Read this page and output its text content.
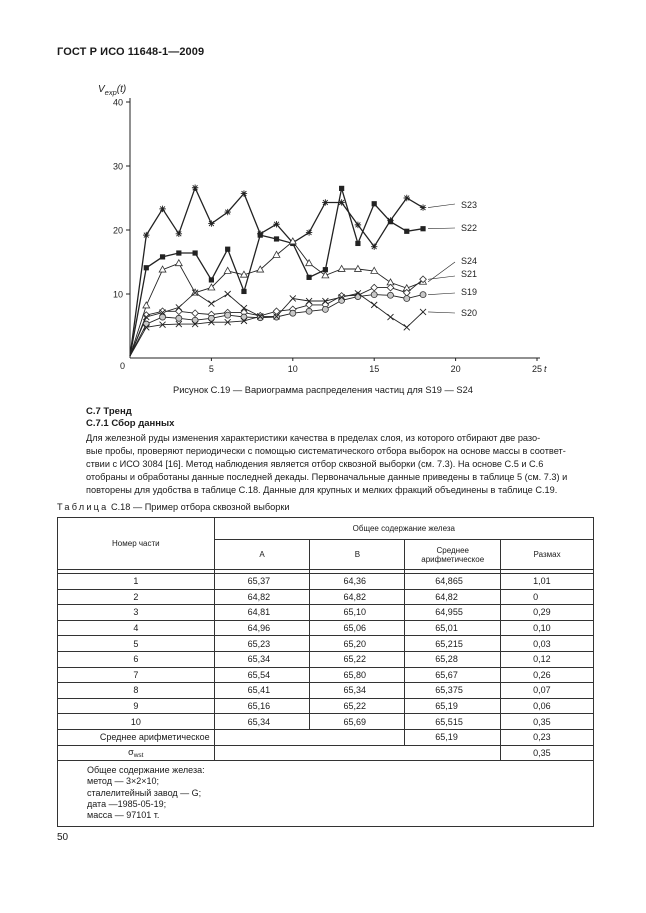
ГОСТ Р ИСО 11648-1—2009
$V_{exp}(t)$
0
10
20
30
40
5	10	15	20	25 t
S23
S22
S24
S21
S19
S20
Рисунок С.19 — Вариограмма распределения частиц для S19 — S24
С.7 Тренд
С.7.1 Сбор данных
Для железной руды изменения характеристики качества в пределах слоя, из которого отбирают две разо-
вые пробы, проверяют периодически с помощью систематического отбора выборок на основе массы в соответ-
ствии с ИСО 3084 [16]. Метод наблюдения является отбор сквозной выборки (см. 7.3). На основе С.5 и С.6
отобраны и обработаны данные последней декады. Первоначальные данные приведены в таблице 5 (см. 7.3) и
повторены для удобства в таблице С.18. Данные для крупных и мелких фракций объединены в таблице С.19.
Таблица С.18 — Пример отбора сквозной выборки
Номер части	Общее содержание железа			
	А	В	Среднее
арифметическое	Размах

1	65,37	64,36	64,865	1,01
2	64,82	64,82	64,82	0
3	64,81	65,10	64,955	0,29
4	64,96	65,06	65,01	0,10
5	65,23	65,20	65,215	0,03
6	65,34	65,22	65,28	0,12
7	65,54	65,80	65,67	0,26
8	65,41	65,34	65,375	0,07
9	65,16	65,22	65,19	0,06
10	65,34	65,69	65,515	0,35
Среднее арифметическое			65,19	0,23
$\sigma_{wst}$				0,35

Общее содержание железа:
метод — 3×2×10;
сталелитейный завод — G;
дата —1985-05-19;
масса — 97101 т.				
50
